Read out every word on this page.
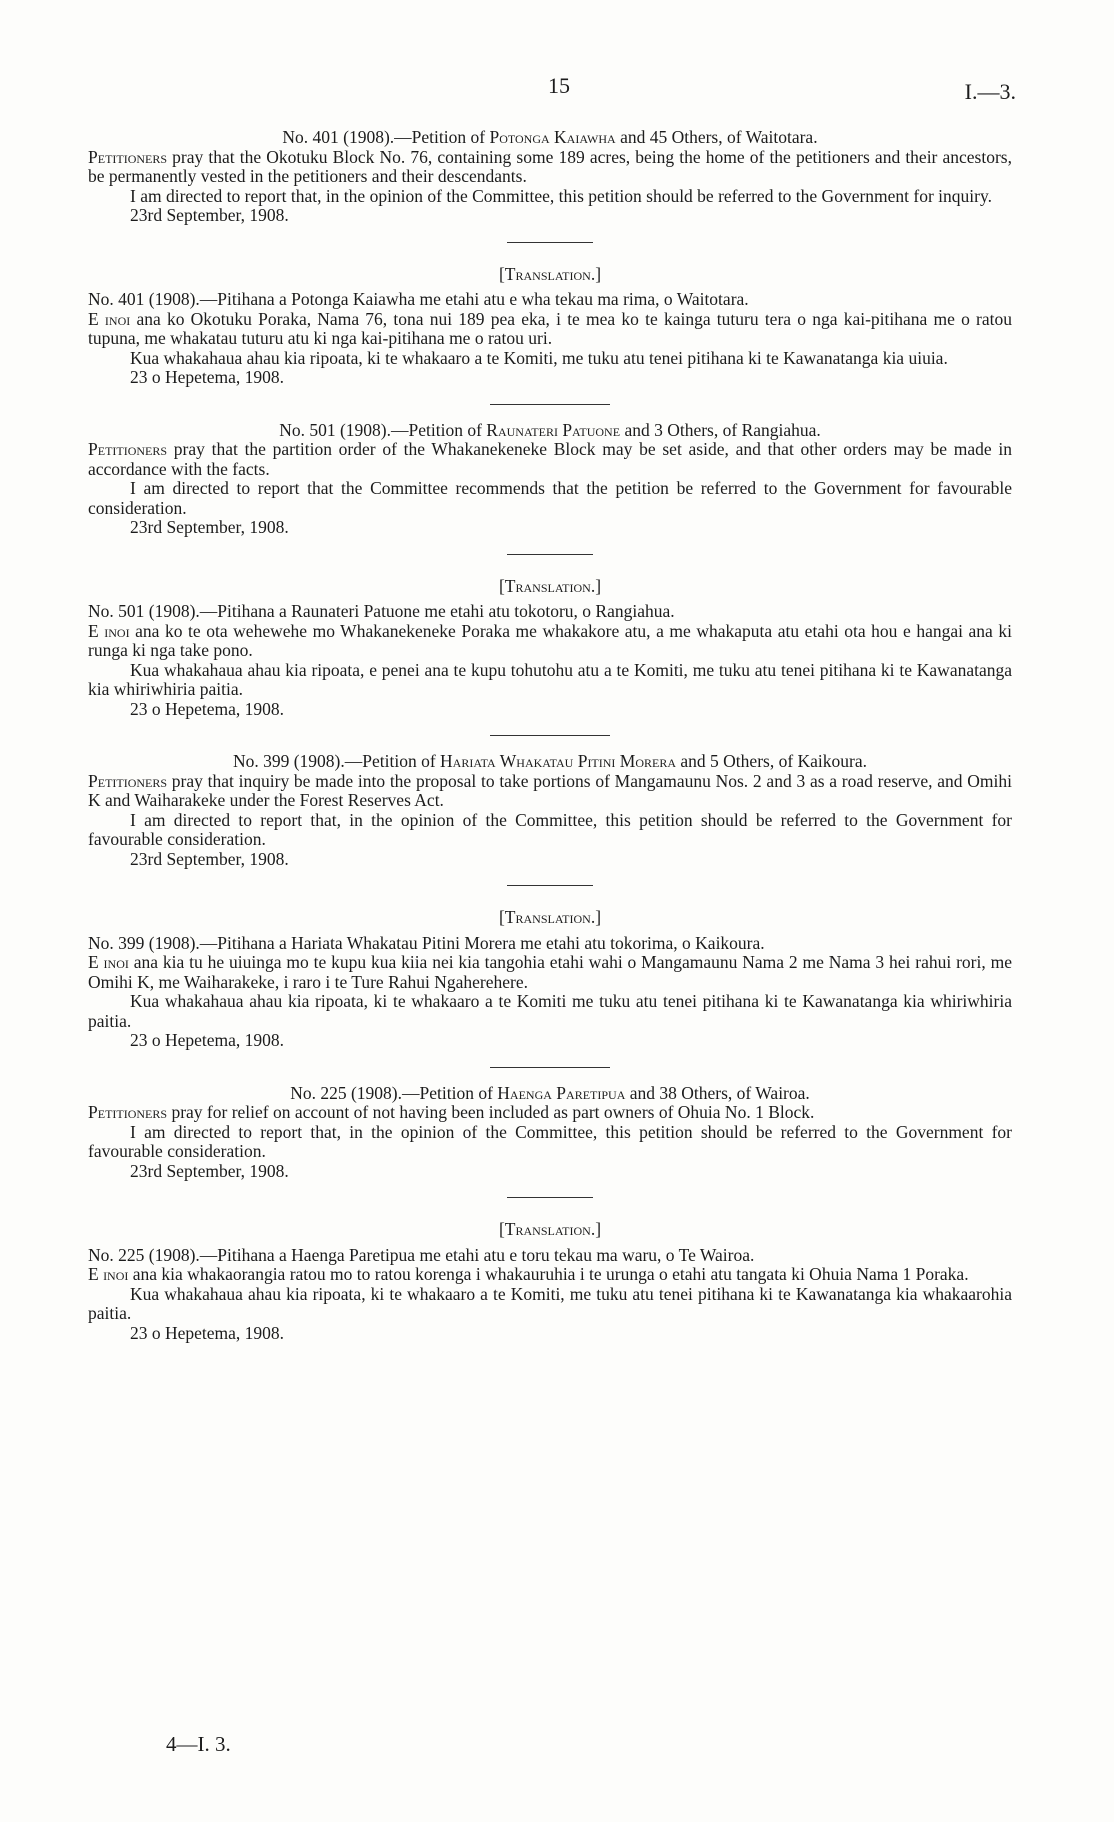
15	I.—3.

No. 401 (1908).—Petition of Potonga Kaiawha and 45 Others, of Waitotara.

Petitioners pray that the Okotuku Block No. 76, containing some 189 acres, being the home of the petitioners and their ancestors, be permanently vested in the petitioners and their descendants.

I am directed to report that, in the opinion of the Committee, this petition should be referred to the Government for inquiry.

23rd September, 1908.

[Translation.]

No. 401 (1908).—Pitihana a Potonga Kaiawha me etahi atu e wha tekau ma rima, o Waitotara.

E inoi ana ko Okotuku Poraka, Nama 76, tona nui 189 pea eka, i te mea ko te kainga tuturu tera o nga kai-pitihana me o ratou tupuna, me whakatau tuturu atu ki nga kai-pitihana me o ratou uri.

Kua whakahaua ahau kia ripoata, ki te whakaaro a te Komiti, me tuku atu tenei pitihana ki te Kawanatanga kia uiuia.

23 o Hepetema, 1908.

No. 501 (1908).—Petition of Raunateri Patuone and 3 Others, of Rangiahua.

Petitioners pray that the partition order of the Whakanekeneke Block may be set aside, and that other orders may be made in accordance with the facts.

I am directed to report that the Committee recommends that the petition be referred to the Government for favourable consideration.

23rd September, 1908.

[Translation.]

No. 501 (1908).—Pitihana a Raunateri Patuone me etahi atu tokotoru, o Rangiahua.

E inoi ana ko te ota wehewehe mo Whakanekeneke Poraka me whakakore atu, a me whakaputa atu etahi ota hou e hangai ana ki runga ki nga take pono.

Kua whakahaua ahau kia ripoata, e penei ana te kupu tohutohu atu a te Komiti, me tuku atu tenei pitihana ki te Kawanatanga kia whiriwhiria paitia.

23 o Hepetema, 1908.

No. 399 (1908).—Petition of Hariata Whakatau Pitini Morera and 5 Others, of Kaikoura.

Petitioners pray that inquiry be made into the proposal to take portions of Mangamaunu Nos. 2 and 3 as a road reserve, and Omihi K and Waiharakeke under the Forest Reserves Act.

I am directed to report that, in the opinion of the Committee, this petition should be referred to the Government for favourable consideration.

23rd September, 1908.

[Translation.]

No. 399 (1908).—Pitihana a Hariata Whakatau Pitini Morera me etahi atu tokorima, o Kaikoura.

E inoi ana kia tu he uiuinga mo te kupu kua kiia nei kia tangohia etahi wahi o Mangamaunu Nama 2 me Nama 3 hei rahui rori, me Omihi K, me Waiharakeke, i raro i te Ture Rahui Ngaherehere.

Kua whakahaua ahau kia ripoata, ki te whakaaro a te Komiti me tuku atu tenei pitihana ki te Kawanatanga kia whiriwhiria paitia.

23 o Hepetema, 1908.

No. 225 (1908).—Petition of Haenga Paretipua and 38 Others, of Wairoa.

Petitioners pray for relief on account of not having been included as part owners of Ohuia No. 1 Block.

I am directed to report that, in the opinion of the Committee, this petition should be referred to the Government for favourable consideration.

23rd September, 1908.

[Translation.]

No. 225 (1908).—Pitihana a Haenga Paretipua me etahi atu e toru tekau ma waru, o Te Wairoa.

E inoi ana kia whakaorangia ratou mo to ratou korenga i whakauruhia i te urunga o etahi atu tangata ki Ohuia Nama 1 Poraka.

Kua whakahaua ahau kia ripoata, ki te whakaaro a te Komiti, me tuku atu tenei pitihana ki te Kawanatanga kia whakaarohia paitia.

23 o Hepetema, 1908.

4—I. 3.
